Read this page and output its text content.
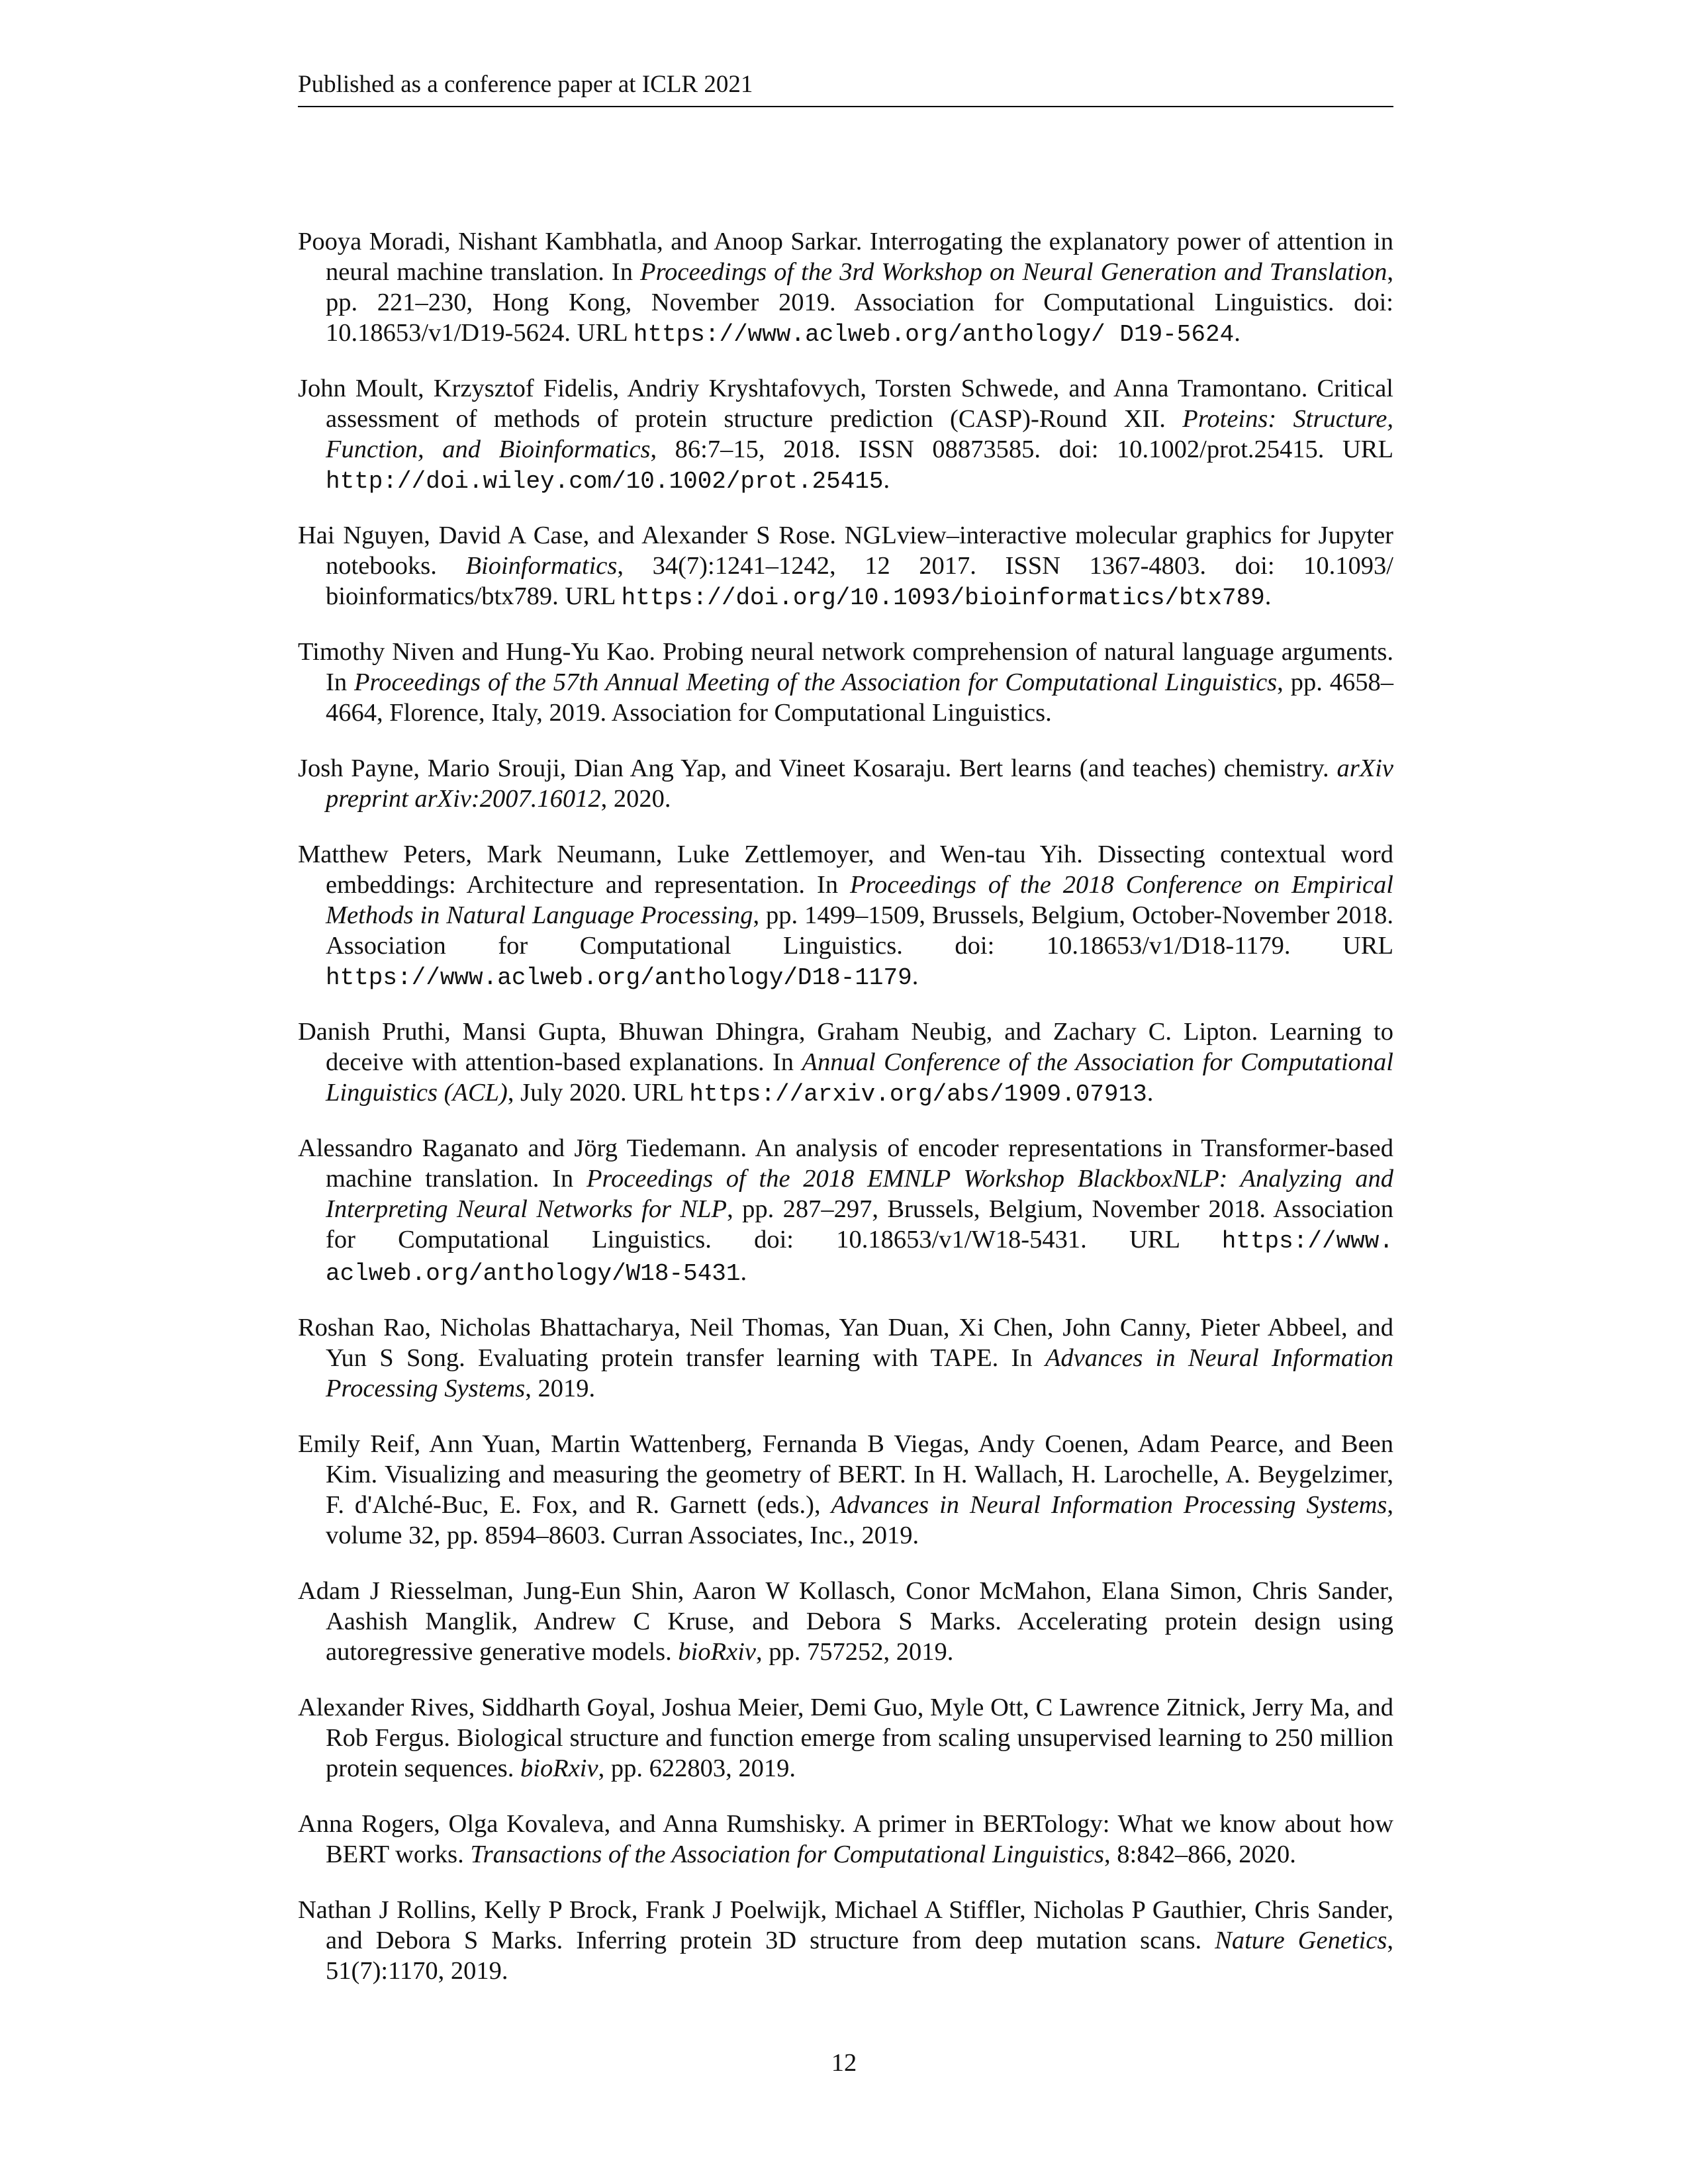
Published as a conference paper at ICLR 2021

Pooya Moradi, Nishant Kambhatla, and Anoop Sarkar. Interrogating the explanatory power of attention in neural machine translation. In Proceedings of the 3rd Workshop on Neural Generation and Translation, pp. 221–230, Hong Kong, November 2019. Association for Computational Linguistics. doi: 10.18653/v1/D19-5624. URL https://www.aclweb.org/anthology/ D19-5624.

John Moult, Krzysztof Fidelis, Andriy Kryshtafovych, Torsten Schwede, and Anna Tramontano. Critical assessment of methods of protein structure prediction (CASP)-Round XII. Proteins: Structure, Function, and Bioinformatics, 86:7–15, 2018. ISSN 08873585. doi: 10.1002/prot.25415. URL http://doi.wiley.com/10.1002/prot.25415.

Hai Nguyen, David A Case, and Alexander S Rose. NGLview–interactive molecular graphics for Jupyter notebooks. Bioinformatics, 34(7):1241–1242, 12 2017. ISSN 1367-4803. doi: 10.1093/ bioinformatics/btx789. URL https://doi.org/10.1093/bioinformatics/btx789.

Timothy Niven and Hung-Yu Kao. Probing neural network comprehension of natural language arguments. In Proceedings of the 57th Annual Meeting of the Association for Computational Linguistics, pp. 4658–4664, Florence, Italy, 2019. Association for Computational Linguistics.

Josh Payne, Mario Srouji, Dian Ang Yap, and Vineet Kosaraju. Bert learns (and teaches) chemistry. arXiv preprint arXiv:2007.16012, 2020.

Matthew Peters, Mark Neumann, Luke Zettlemoyer, and Wen-tau Yih. Dissecting contextual word embeddings: Architecture and representation. In Proceedings of the 2018 Conference on Empirical Methods in Natural Language Processing, pp. 1499–1509, Brussels, Belgium, October-November 2018. Association for Computational Linguistics. doi: 10.18653/v1/D18-1179. URL https://www.aclweb.org/anthology/D18-1179.

Danish Pruthi, Mansi Gupta, Bhuwan Dhingra, Graham Neubig, and Zachary C. Lipton. Learning to deceive with attention-based explanations. In Annual Conference of the Association for Computational Linguistics (ACL), July 2020. URL https://arxiv.org/abs/1909.07913.

Alessandro Raganato and Jörg Tiedemann. An analysis of encoder representations in Transformer-based machine translation. In Proceedings of the 2018 EMNLP Workshop BlackboxNLP: Analyzing and Interpreting Neural Networks for NLP, pp. 287–297, Brussels, Belgium, November 2018. Association for Computational Linguistics. doi: 10.18653/v1/W18-5431. URL https://www. aclweb.org/anthology/W18-5431.

Roshan Rao, Nicholas Bhattacharya, Neil Thomas, Yan Duan, Xi Chen, John Canny, Pieter Abbeel, and Yun S Song. Evaluating protein transfer learning with TAPE. In Advances in Neural Information Processing Systems, 2019.

Emily Reif, Ann Yuan, Martin Wattenberg, Fernanda B Viegas, Andy Coenen, Adam Pearce, and Been Kim. Visualizing and measuring the geometry of BERT. In H. Wallach, H. Larochelle, A. Beygelzimer, F. d'Alché-Buc, E. Fox, and R. Garnett (eds.), Advances in Neural Information Processing Systems, volume 32, pp. 8594–8603. Curran Associates, Inc., 2019.

Adam J Riesselman, Jung-Eun Shin, Aaron W Kollasch, Conor McMahon, Elana Simon, Chris Sander, Aashish Manglik, Andrew C Kruse, and Debora S Marks. Accelerating protein design using autoregressive generative models. bioRxiv, pp. 757252, 2019.

Alexander Rives, Siddharth Goyal, Joshua Meier, Demi Guo, Myle Ott, C Lawrence Zitnick, Jerry Ma, and Rob Fergus. Biological structure and function emerge from scaling unsupervised learning to 250 million protein sequences. bioRxiv, pp. 622803, 2019.

Anna Rogers, Olga Kovaleva, and Anna Rumshisky. A primer in BERTology: What we know about how BERT works. Transactions of the Association for Computational Linguistics, 8:842–866, 2020.

Nathan J Rollins, Kelly P Brock, Frank J Poelwijk, Michael A Stiffler, Nicholas P Gauthier, Chris Sander, and Debora S Marks. Inferring protein 3D structure from deep mutation scans. Nature Genetics, 51(7):1170, 2019.

12
